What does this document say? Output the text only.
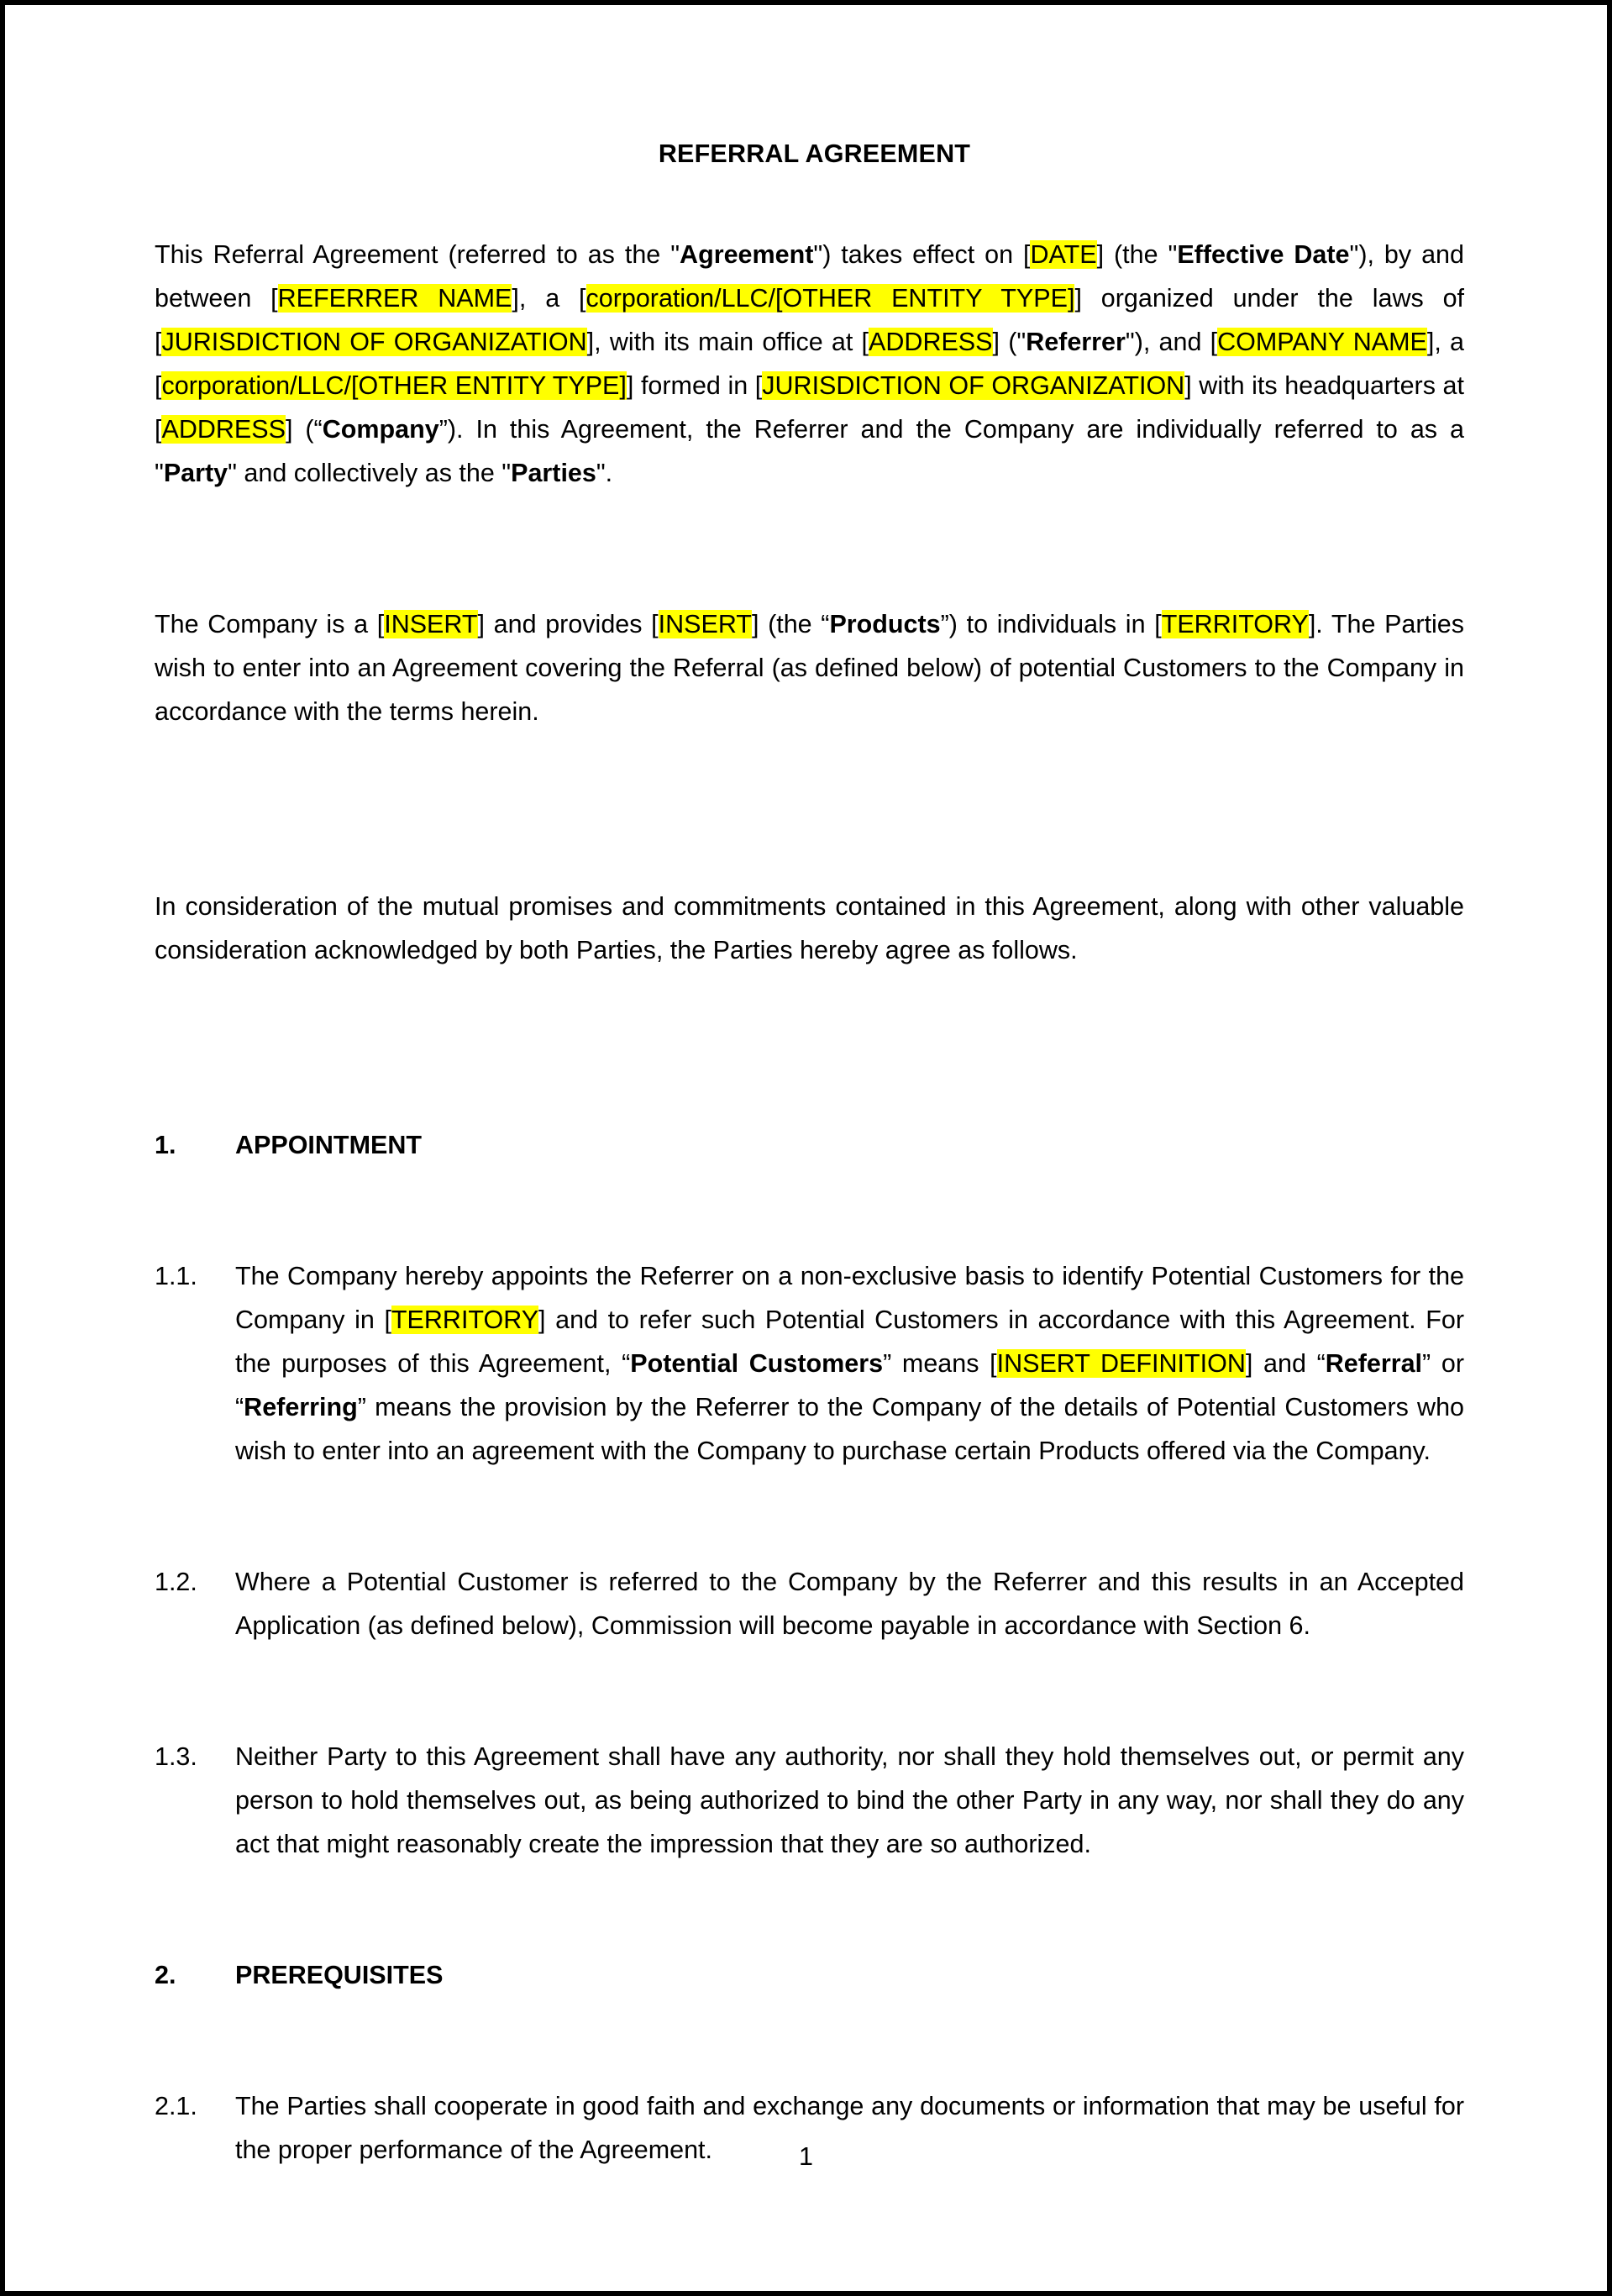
REFERRAL AGREEMENT

This Referral Agreement (referred to as the "Agreement") takes effect on [DATE] (the "Effective Date"), by and between [REFERRER NAME], a [corporation/LLC/[OTHER ENTITY TYPE]] organized under the laws of [JURISDICTION OF ORGANIZATION], with its main office at [ADDRESS] ("Referrer"), and [COMPANY NAME], a [corporation/LLC/[OTHER ENTITY TYPE]] formed in [JURISDICTION OF ORGANIZATION] with its headquarters at [ADDRESS] (“Company”). In this Agreement, the Referrer and the Company are individually referred to as a "Party" and collectively as the "Parties".

The Company is a [INSERT] and provides [INSERT] (the “Products”) to individuals in [TERRITORY]. The Parties wish to enter into an Agreement covering the Referral (as defined below) of potential Customers to the Company in accordance with the terms herein.

In consideration of the mutual promises and commitments contained in this Agreement, along with other valuable consideration acknowledged by both Parties, the Parties hereby agree as follows.

1.	APPOINTMENT
1.1.	The Company hereby appoints the Referrer on a non-exclusive basis to identify Potential Customers for the Company in [TERRITORY] and to refer such Potential Customers in accordance with this Agreement. For the purposes of this Agreement, “Potential Customers” means [INSERT DEFINITION] and “Referral” or “Referring” means the provision by the Referrer to the Company of the details of Potential Customers who wish to enter into an agreement with the Company to purchase certain Products offered via the Company.
1.2.	Where a Potential Customer is referred to the Company by the Referrer and this results in an Accepted Application (as defined below), Commission will become payable in accordance with Section 6.
1.3.	Neither Party to this Agreement shall have any authority, nor shall they hold themselves out, or permit any person to hold themselves out, as being authorized to bind the other Party in any way, nor shall they do any act that might reasonably create the impression that they are so authorized.
2.	PREREQUISITES
2.1.	The Parties shall cooperate in good faith and exchange any documents or information that may be useful for the proper performance of the Agreement.	1
